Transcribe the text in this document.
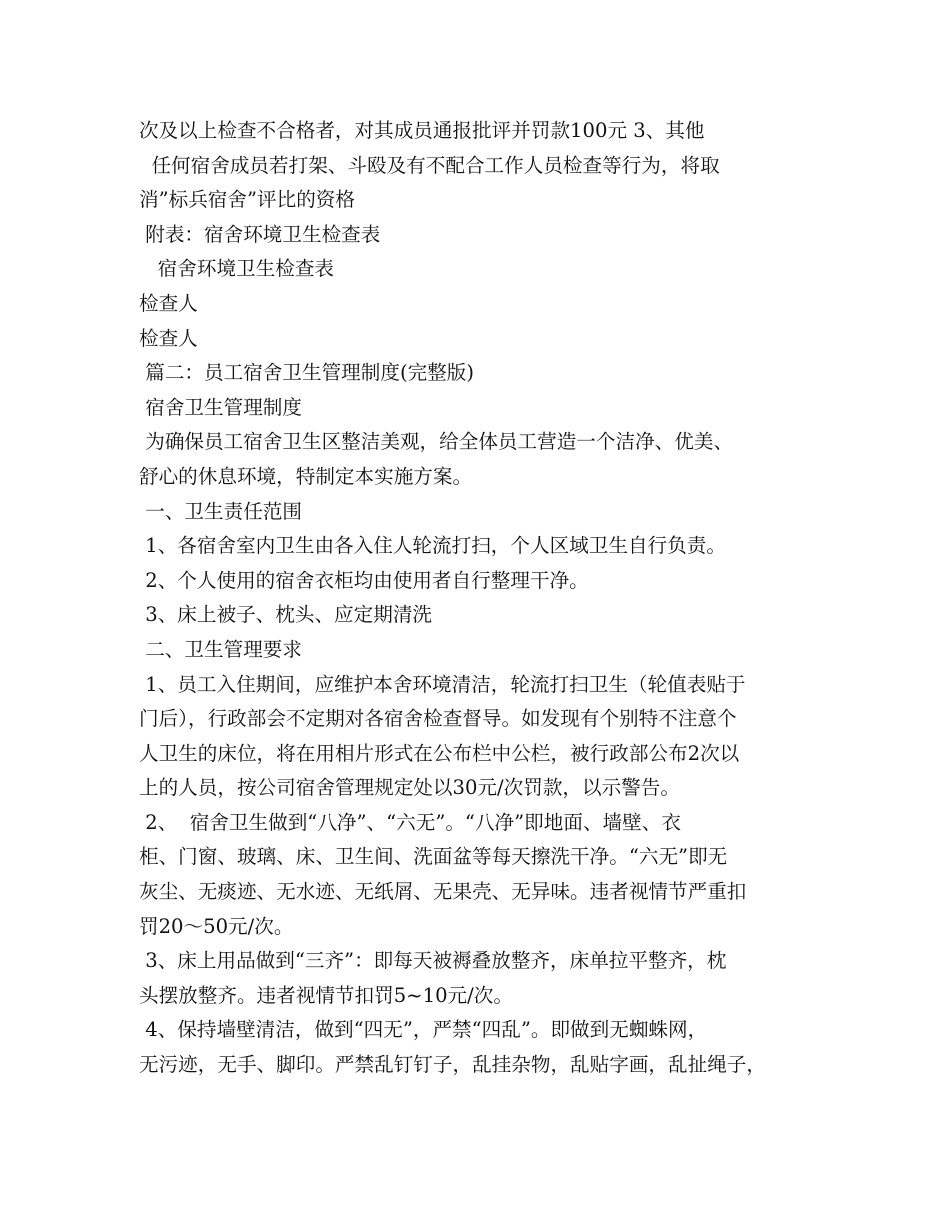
次及以上检查不合格者，对其成员通报批评并罚款100元 3、其他
任何宿舍成员若打架、斗殴及有不配合工作人员检查等行为，将取
消”标兵宿舍”评比的资格
附表：宿舍环境卫生检查表
宿舍环境卫生检查表
检查人
检查人
篇二：员工宿舍卫生管理制度(完整版)
宿舍卫生管理制度
为确保员工宿舍卫生区整洁美观，给全体员工营造一个洁净、优美、
舒心的休息环境，特制定本实施方案。
一、卫生责任范围
1、各宿舍室内卫生由各入住人轮流打扫，个人区域卫生自行负责。
2、个人使用的宿舍衣柜均由使用者自行整理干净。
3、床上被子、枕头、应定期清洗
二、卫生管理要求
1、员工入住期间，应维护本舍环境清洁，轮流打扫卫生（轮值表贴于
门后），行政部会不定期对各宿舍检查督导。如发现有个别特不注意个
人卫生的床位，将在用相片形式在公布栏中公栏，被行政部公布2次以
上的人员，按公司宿舍管理规定处以30元/次罚款，以示警告。
2、  宿舍卫生做到“八净”、“六无”。“八净”即地面、墙壁、衣
柜、门窗、玻璃、床、卫生间、洗面盆等每天擦洗干净。“六无”即无
灰尘、无痰迹、无水迹、无纸屑、无果壳、无异味。违者视情节严重扣
罚20～50元/次。
3、床上用品做到“三齐”：即每天被褥叠放整齐，床单拉平整齐，枕
头摆放整齐。违者视情节扣罚5~10元/次。
4、保持墙壁清洁，做到“四无”，严禁“四乱”。即做到无蜘蛛网，
无污迹，无手、脚印。严禁乱钉钉子，乱挂杂物，乱贴字画，乱扯绳子，
